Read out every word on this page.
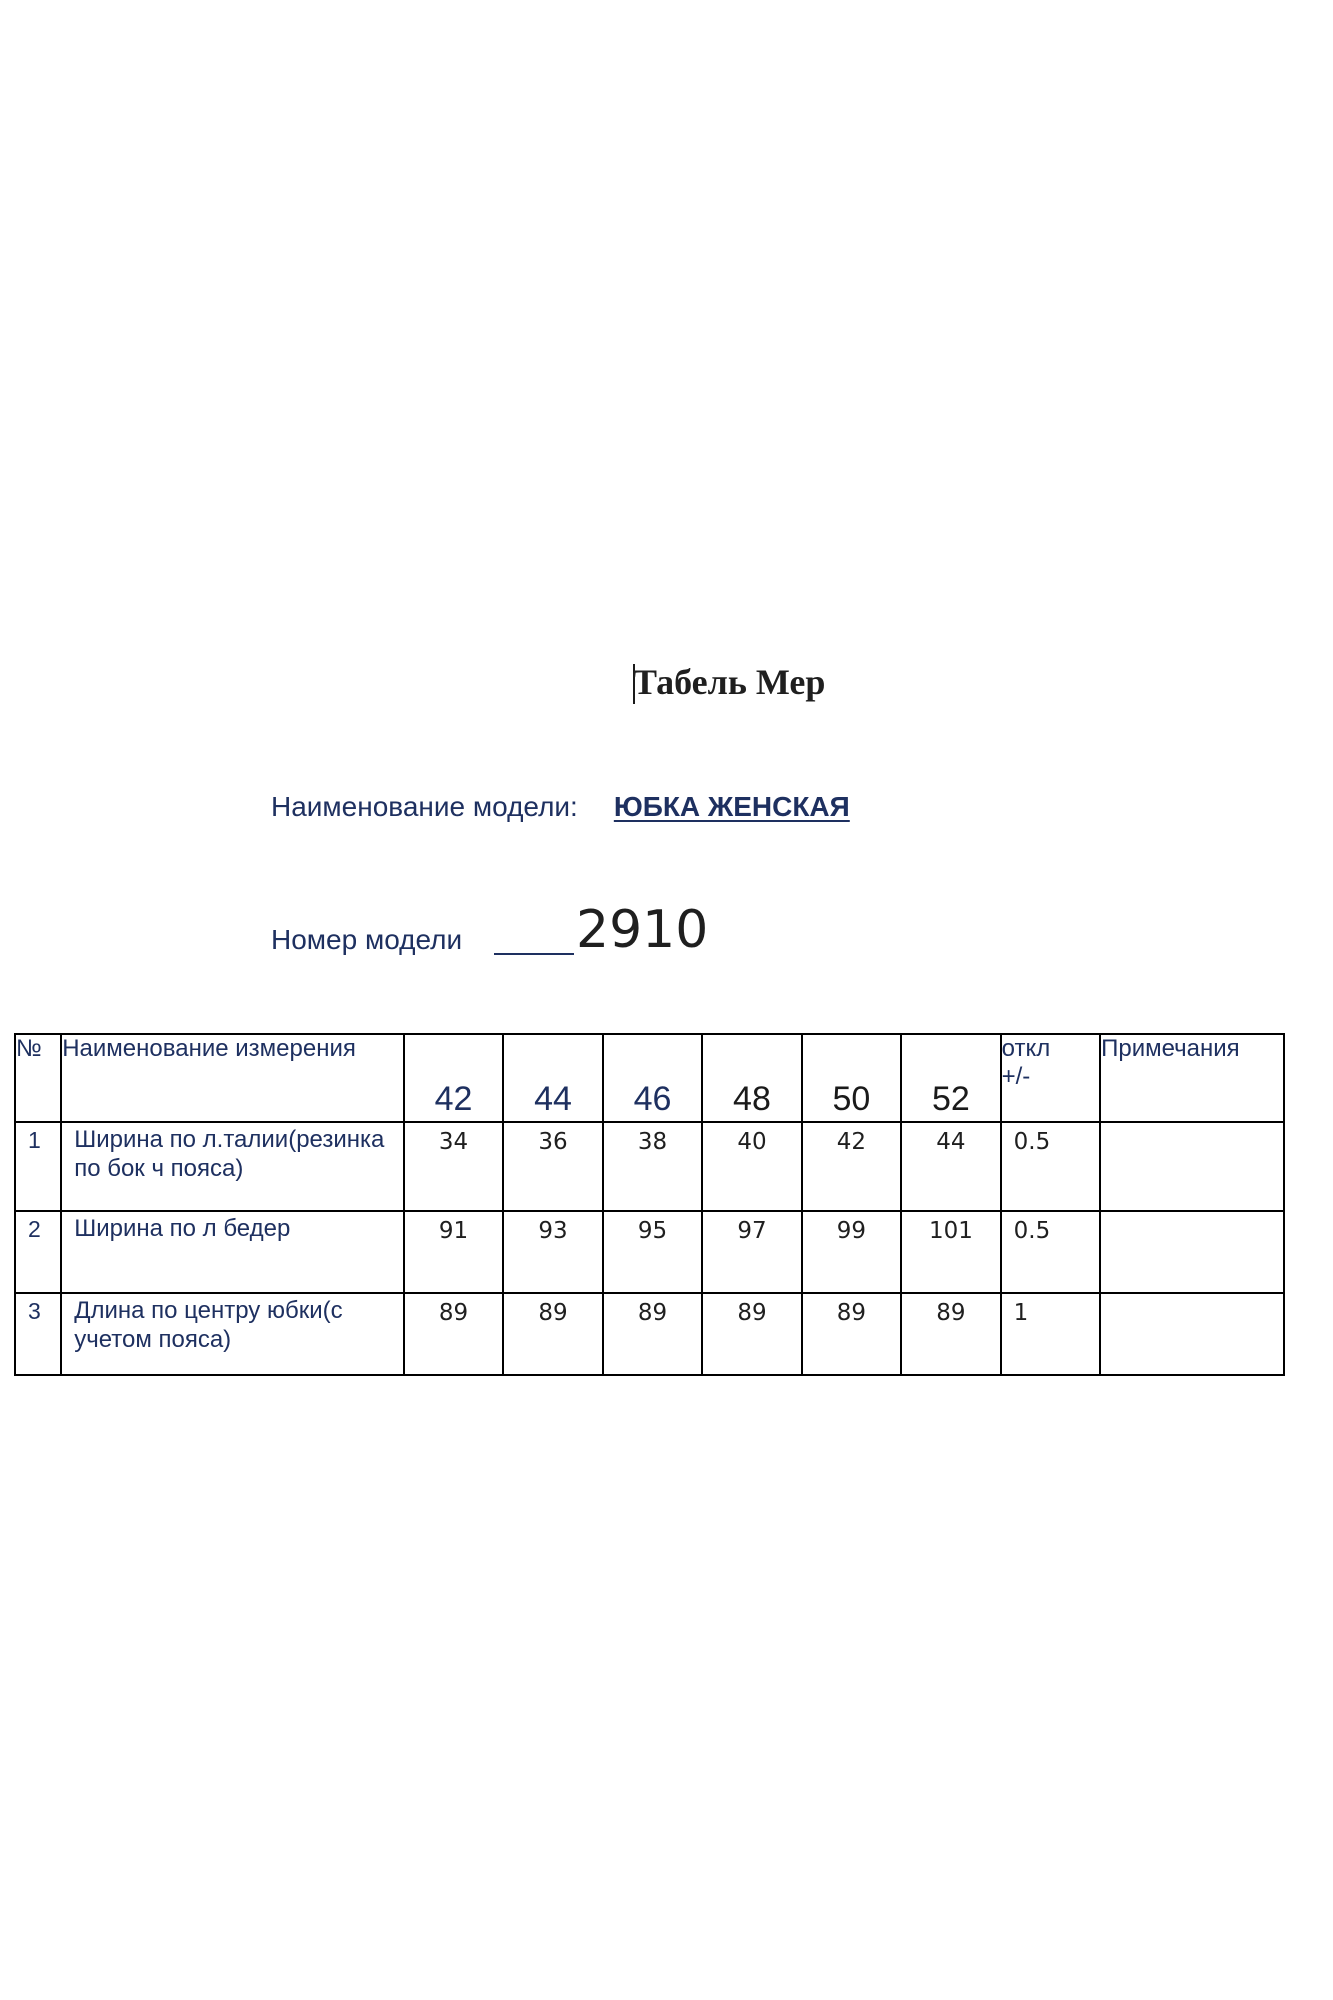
Табель Мер
Наименование модели: ЮБКА ЖЕНСКАЯ
Номер модели 2910
№	Наименование измерения	42	44	46	48	50	52	откл +/-	Примечания
1	Ширина по л.талии(резинка по бок ч пояса)	34	36	38	40	42	44	0.5	
2	Ширина по л бедер	91	93	95	97	99	101	0.5	
3	Длина по центру юбки(с учетом пояса)	89	89	89	89	89	89	1	
